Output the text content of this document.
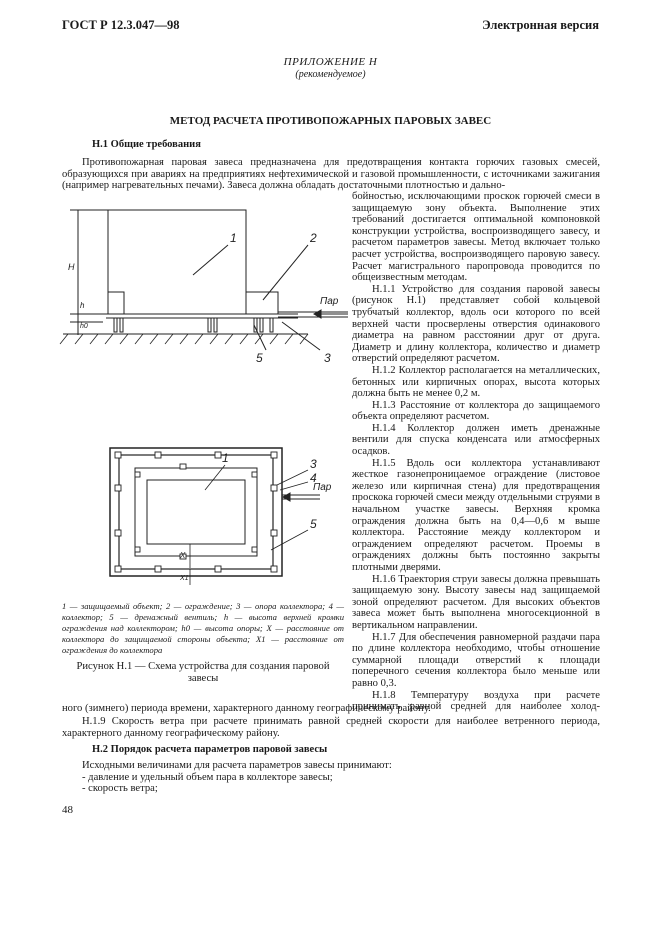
ГОСТ Р 12.3.047—98	Электронная версия
ПРИЛОЖЕНИЕ Н
(рекомендуемое)
МЕТОД РАСЧЕТА ПРОТИВОПОЖАРНЫХ ПАРОВЫХ ЗАВЕС
Н.1 Общие требования

Противопожарная паровая завеса предназначена для предотвращения контакта горючих газовых смесей, образующихся при авариях на предприятиях нефтехимической и газовой промышленности, с источниками зажигания (например нагревательных печами). Завеса должна обладать достаточными плотностью и дально-

бойностью, исключающими проскок горючей смеси в защищаемую зону объекта. Выполнение этих требований достигается оптимальной компоновкой конструкции устройства, воспроизводящего завесу, и расчетом параметров завесы. Метод включает только расчет устройства, воспроизводящего паровую завесу. Расчет магистрального паропровода проводится по общеизвестным методам.

Н.1.1 Устройство для создания паровой завесы (рисунок Н.1) представляет собой кольцевой трубчатый коллектор, вдоль оси которого по всей верхней части просверлены отверстия одинакового диаметра на равном расстоянии друг от друга. Диаметр и длину коллектора, количество и диаметр отверстий определяют расчетом.

Н.1.2 Коллектор располагается на металлических, бетонных или кирпичных опорах, высота которых должна быть не менее 0,2 м.

Н.1.3 Расстояние от коллектора до защищаемого объекта определяют расчетом.

Н.1.4 Коллектор должен иметь дренажные вентили для спуска конденсата или атмосферных осадков.

Н.1.5 Вдоль оси коллектора устанавливают жесткое газонепроницаемое ограждение (листовое железо или кирпичная стена) для предотвращения проскока горючей смеси между отдельными струями в начальном участке завесы. Верхняя кромка ограждения должна быть на 0,4—0,6 м выше коллектора. Расстояние между коллектором и ограждением определяют расчетом. Проемы в ограждениях должны быть постоянно закрыты плотными дверями.

Н.1.6 Траектория струи завесы должна превышать защищаемую зону. Высоту завесы над защищаемой зоной определяют расчетом. Для высоких объектов завеса может быть выполнена многосекционной в вертикальном направлении.

Н.1.7 Для обеспечения равномерной раздачи пара по длине коллектора необходимо, чтобы отношение суммарной площади отверстий к площади поперечного сечения коллектора было меньше или равно 0,3.

Н.1.8 Температуру воздуха при расчете принимать равной средней для наиболее холод-

1	2
5	3
Пар
H
h
h0
1	3
4
5
Пар
X
X1

1 — защищаемый объект; 2 — ограждение; 3 — опора коллектора; 4 — коллектор; 5 — дренажный вентиль; h — высота верхней кромки ограждения над коллектором; h0 — высота опоры; X — расстояние от коллектора до защищаемой стороны объекта; X1 — расстояние от ограждения до коллектора

Рисунок Н.1 — Схема устройства для создания паровой завесы

ного (зимнего) периода времени, характерного данному географическому району.

Н.1.9 Скорость ветра при расчете принимать равной средней скорости для наиболее ветренного периода, характерного данному географическому району.

Н.2 Порядок расчета параметров паровой завесы

Исходными величинами для расчета параметров завесы принимают:

- давление и удельный объем пара в коллекторе завесы;

- скорость ветра;

48
